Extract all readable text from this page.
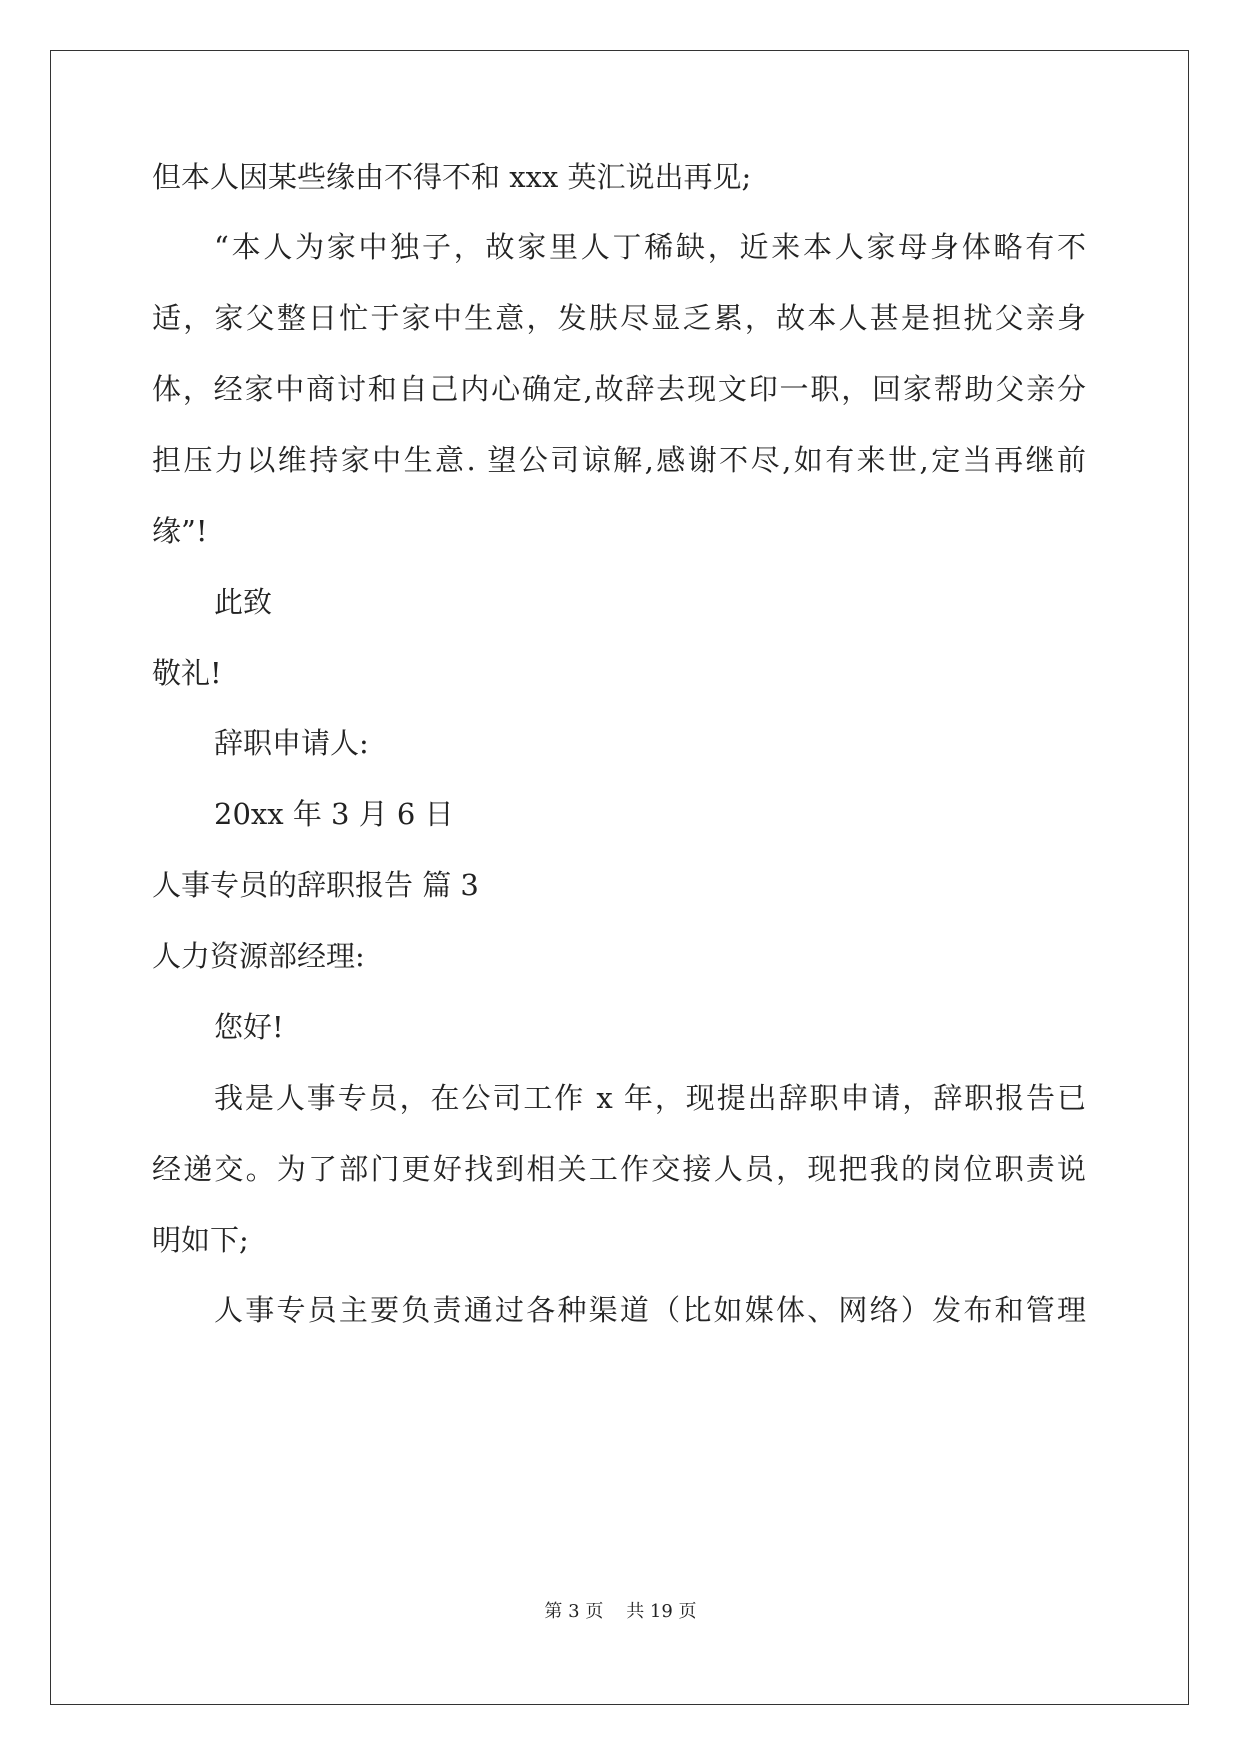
但本人因某些缘由不得不和 xxx 英汇说出再见;
“本人为家中独子，故家里人丁稀缺，近来本人家母身体略有不
适，家父整日忙于家中生意，发肤尽显乏累，故本人甚是担扰父亲身
体，经家中商讨和自己内心确定,故辞去现文印一职，回家帮助父亲分
担压力以维持家中生意. 望公司谅解,感谢不尽,如有来世,定当再继前
缘”!
此致
敬礼!
辞职申请人:
20xx 年 3 月 6 日
人事专员的辞职报告 篇 3
人力资源部经理:
您好!
我是人事专员，在公司工作 x 年，现提出辞职申请，辞职报告已
经递交。为了部门更好找到相关工作交接人员，现把我的岗位职责说
明如下;
人事专员主要负责通过各种渠道（比如媒体、网络）发布和管理
第 3 页    共 19 页
